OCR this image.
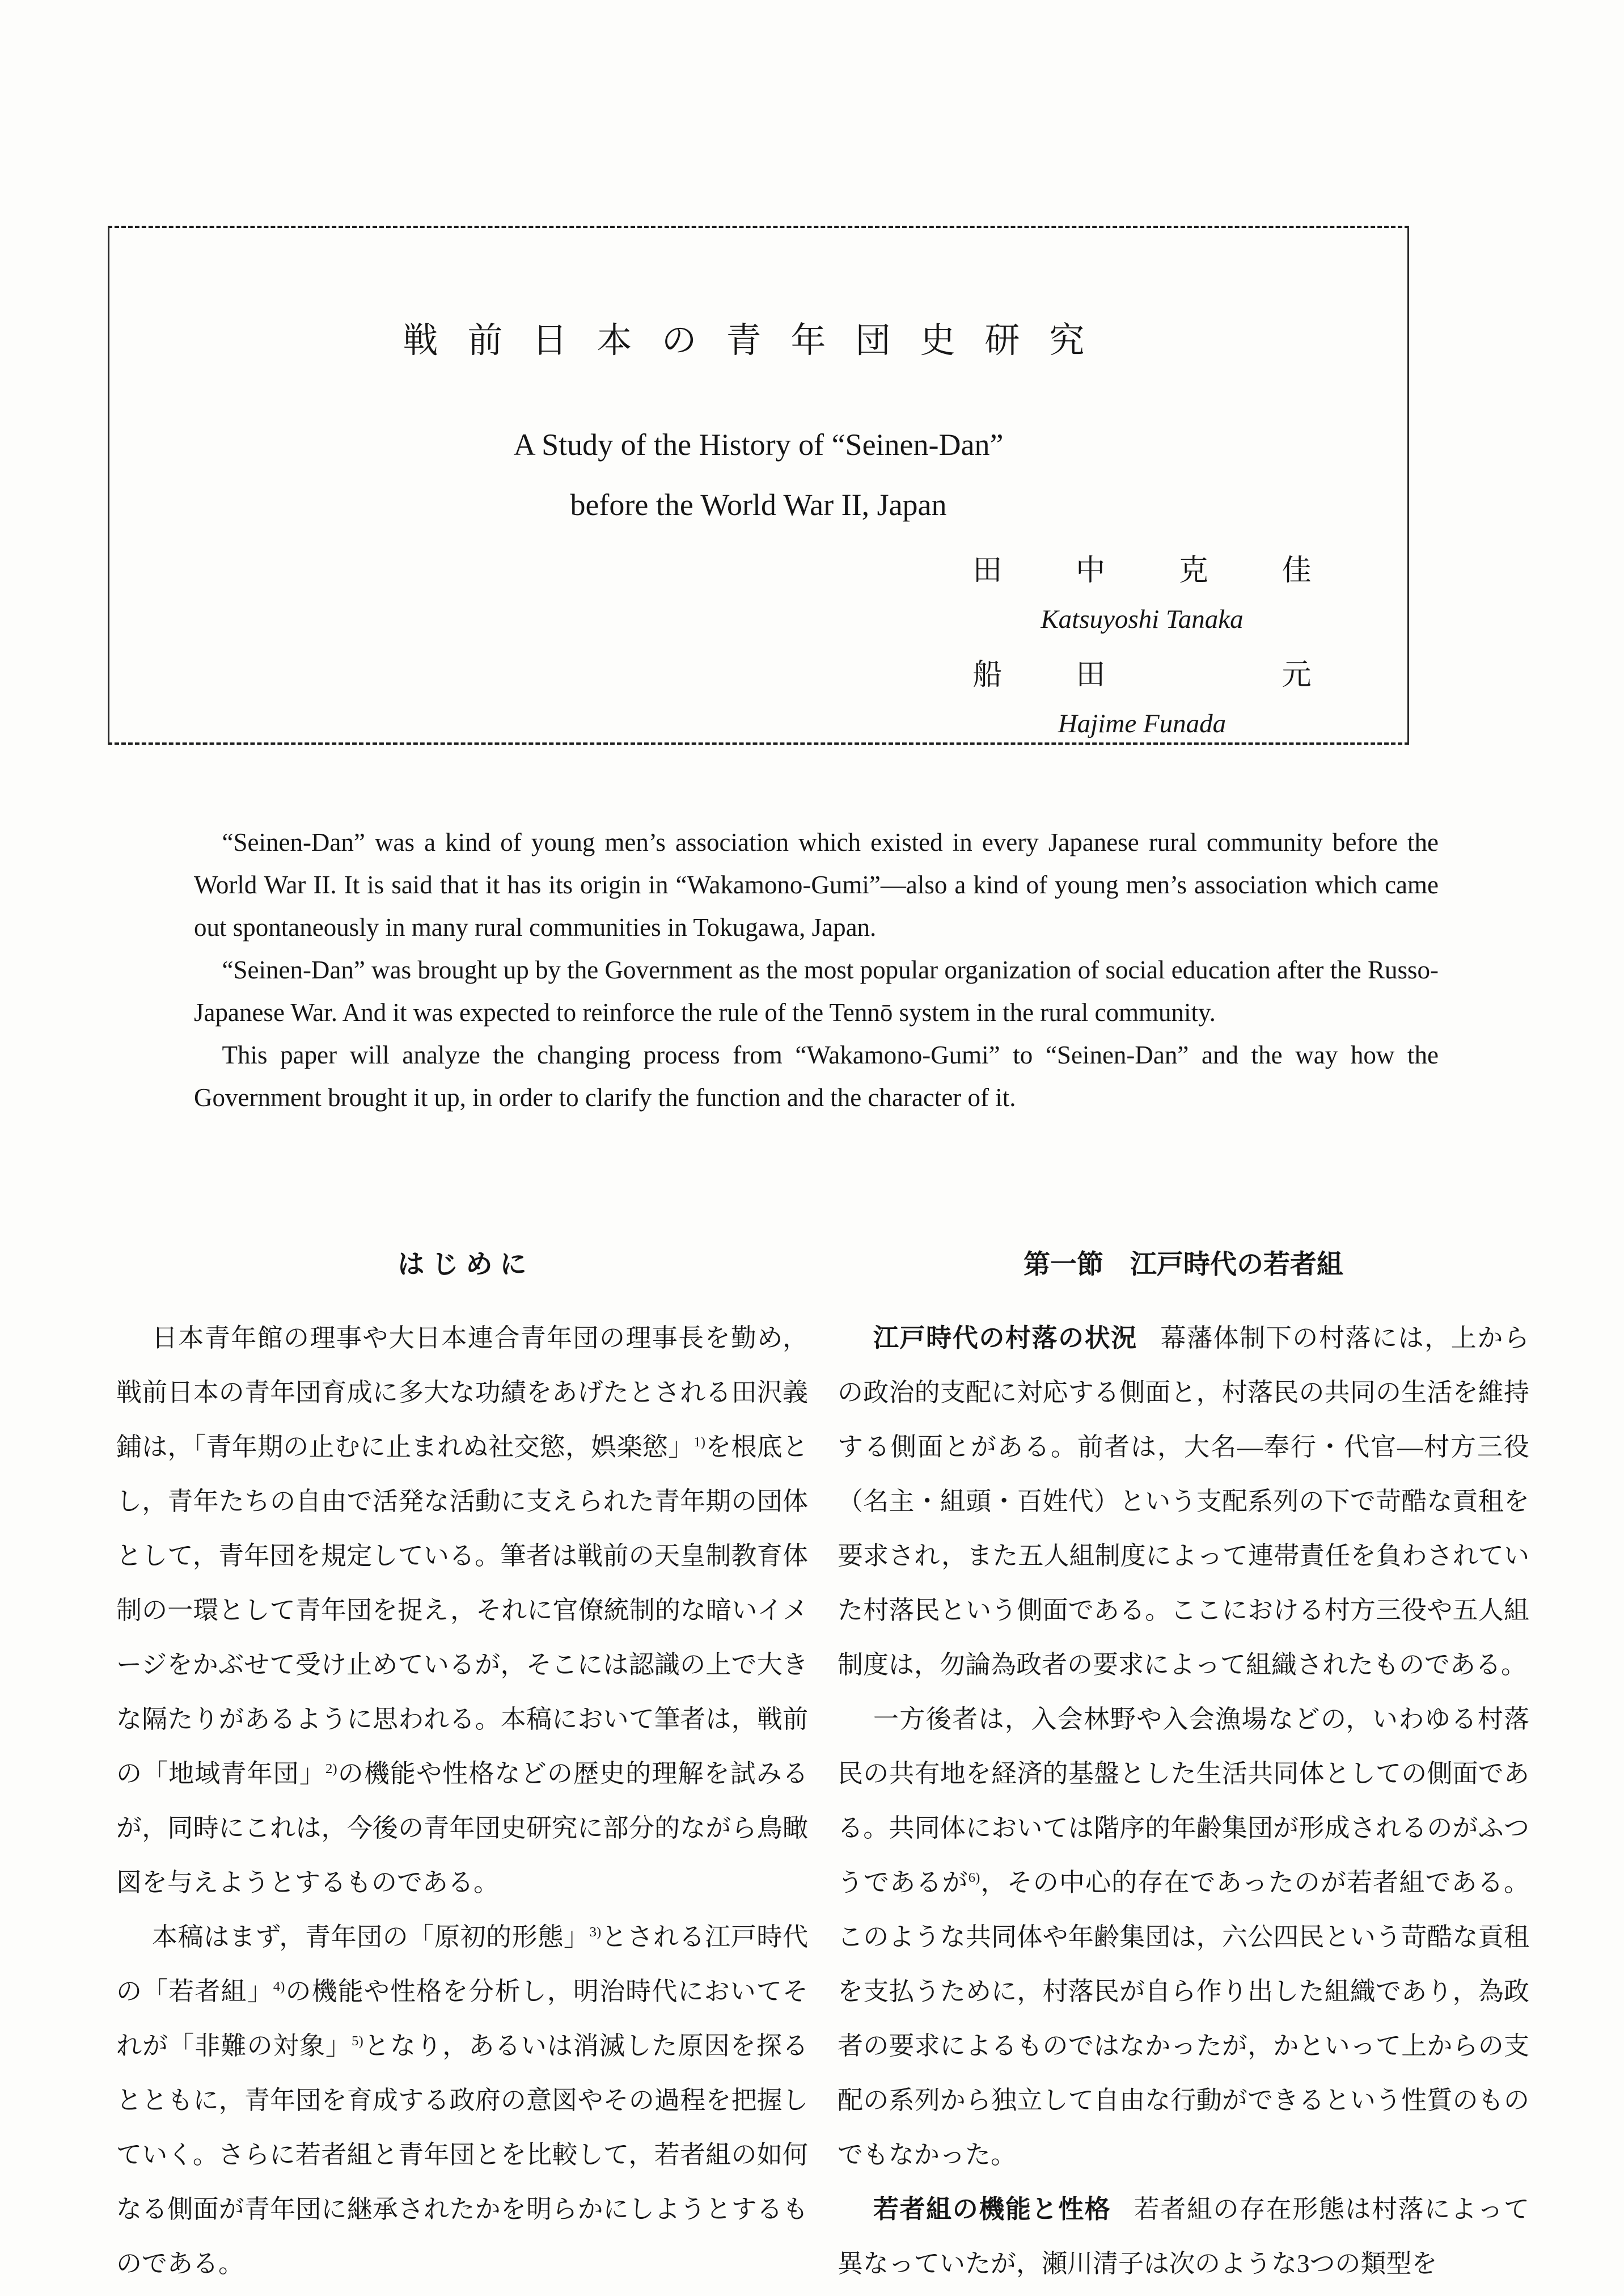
戦前日本の青年団史研究
A Study of the History of “Seinen-Dan”
before the World War II, Japan
田 中 克 佳
Katsuyoshi Tanaka
船 田	元
Hajime Funada

“Seinen-Dan” was a kind of young men’s association which existed in every Japanese rural community before the World War II. It is said that it has its origin in “Wakamono-Gumi”—also a kind of young men’s association which came out spontaneously in many rural communities in Tokugawa, Japan.

“Seinen-Dan” was brought up by the Government as the most popular organization of social education after the Russo-Japanese War. And it was expected to reinforce the rule of the Tennō system in the rural community.

This paper will analyze the changing process from “Wakamono-Gumi” to “Seinen-Dan” and the way how the Government brought it up, in order to clarify the function and the character of it.

は じ め に

日本青年館の理事や大日本連合青年団の理事長を勤め，戦前日本の青年団育成に多大な功績をあげたとされる田沢義鋪は，「青年期の止むに止まれぬ社交慾，娯楽慾」$^{1)}$を根底とし，青年たちの自由で活発な活動に支えられた青年期の団体として，青年団を規定している。筆者は戦前の天皇制教育体制の一環として青年団を捉え，それに官僚統制的な暗いイメージをかぶせて受け止めているが，そこには認識の上で大きな隔たりがあるように思われる。本稿において筆者は，戦前の「地域青年団」$^{2)}$の機能や性格などの歴史的理解を試みるが，同時にこれは，今後の青年団史研究に部分的ながら鳥瞰図を与えようとするものである。

本稿はまず，青年団の「原初的形態」$^{3)}$とされる江戸時代の「若者組」$^{4)}$の機能や性格を分析し，明治時代においてそれが「非難の対象」$^{5)}$となり，あるいは消滅した原因を探るとともに，青年団を育成する政府の意図やその過程を把握していく。さらに若者組と青年団とを比較して，若者組の如何なる側面が青年団に継承されたかを明らかにしようとするものである。

第一節　江戸時代の若者組

江戸時代の村落の状況 幕藩体制下の村落には，上からの政治的支配に対応する側面と，村落民の共同の生活を維持する側面とがある。前者は，大名―奉行・代官―村方三役（名主・組頭・百姓代）という支配系列の下で苛酷な貢租を要求され，また五人組制度によって連帯責任を負わされていた村落民という側面である。ここにおける村方三役や五人組制度は，勿論為政者の要求によって組織されたものである。

一方後者は，入会林野や入会漁場などの，いわゆる村落民の共有地を経済的基盤とした生活共同体としての側面である。共同体においては階序的年齢集団が形成されるのがふつうであるが$^{6)}$，その中心的存在であったのが若者組である。このような共同体や年齢集団は，六公四民という苛酷な貢租を支払うために，村落民が自ら作り出した組織であり，為政者の要求によるものではなかったが，かといって上からの支配の系列から独立して自由な行動ができるという性質のものでもなかった。

若者組の機能と性格 若者組の存在形態は村落によって異なっていたが，瀬川清子は次のような3つの類型を
